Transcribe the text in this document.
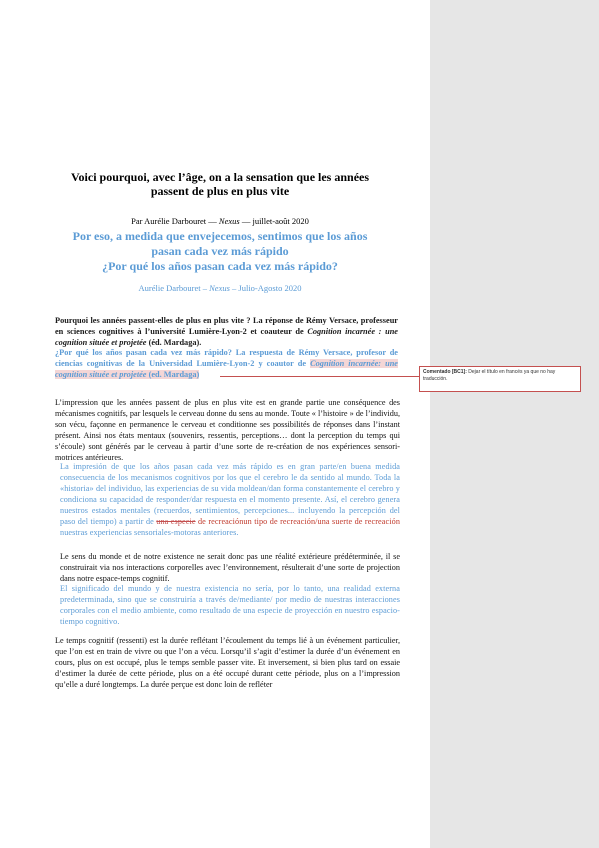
Voici pourquoi, avec l’âge, on a la sensation que les années passent de plus en plus vite
Par Aurélie Darbouret — Nexus — juillet-août 2020
Por eso, a medida que envejecemos, sentimos que los años pasan cada vez más rápido
¿Por qué los años pasan cada vez más rápido?
Aurélie Darbouret – Nexus – Julio-Agosto 2020
Pourquoi les années passent-elles de plus en plus vite ? La réponse de Rémy Versace, professeur en sciences cognitives à l’université Lumière-Lyon-2 et coauteur de Cognition incarnée : une cognition située et projetée (éd. Mardaga).
¿Por qué los años pasan cada vez más rápido? La respuesta de Rémy Versace, profesor de ciencias cognitivas de la Universidad Lumière-Lyon-2 y coautor de Cognition incarnée: une cognition située et projetée (ed. Mardaga)
L’impression que les années passent de plus en plus vite est en grande partie une conséquence des mécanismes cognitifs, par lesquels le cerveau donne du sens au monde. Toute « l’histoire » de l’individu, son vécu, façonne en permanence le cerveau et conditionne ses possibilités de réponses dans l’instant présent. Ainsi nos états mentaux (souvenirs, ressentis, perceptions… dont la perception du temps qui s’écoule) sont générés par le cerveau à partir d’une sorte de re-création de nos expériences sensori-motrices antérieures.
La impresión de que los años pasan cada vez más rápido es en gran parte/en buena medida consecuencia de los mecanismos cognitivos por los que el cerebro le da sentido al mundo. Toda la «historia» del individuo, las experiencias de su vida moldean/dan forma constantemente el cerebro y condiciona su capacidad de responder/dar respuesta en el momento presente. Así, el cerebro genera nuestros estados mentales (recuerdos, sentimientos, percepciones... incluyendo la percepción del paso del tiempo) a partir de una especie de recreaciónun tipo de recreación/una suerte de recreación nuestras experiencias sensoriales-motoras anteriores.
Le sens du monde et de notre existence ne serait donc pas une réalité extérieure prédéterminée, il se construirait via nos interactions corporelles avec l’environnement, résulterait d’une sorte de projection dans notre espace-temps cognitif.
El significado del mundo y de nuestra existencia no sería, por lo tanto, una realidad externa predeterminada, sino que se construiría a través de/mediante/ por medio de nuestras interacciones corporales con el medio ambiente, como resultado de una especie de proyección en nuestro espacio-tiempo cognitivo.
Le temps cognitif (ressenti) est la durée reflétant l’écoulement du temps lié à un événement particulier, que l’on est en train de vivre ou que l’on a vécu. Lorsqu’il s’agit d’estimer la durée d’un événement en cours, plus on est occupé, plus le temps semble passer vite. Et inversement, si bien plus tard on essaie d’estimer la durée de cette période, plus on a été occupé durant cette période, plus on a l’impression qu’elle a duré longtemps. La durée perçue est donc loin de refléter
Comentado [BC1]: Dejar el título en francés ya que no hay traducción.
